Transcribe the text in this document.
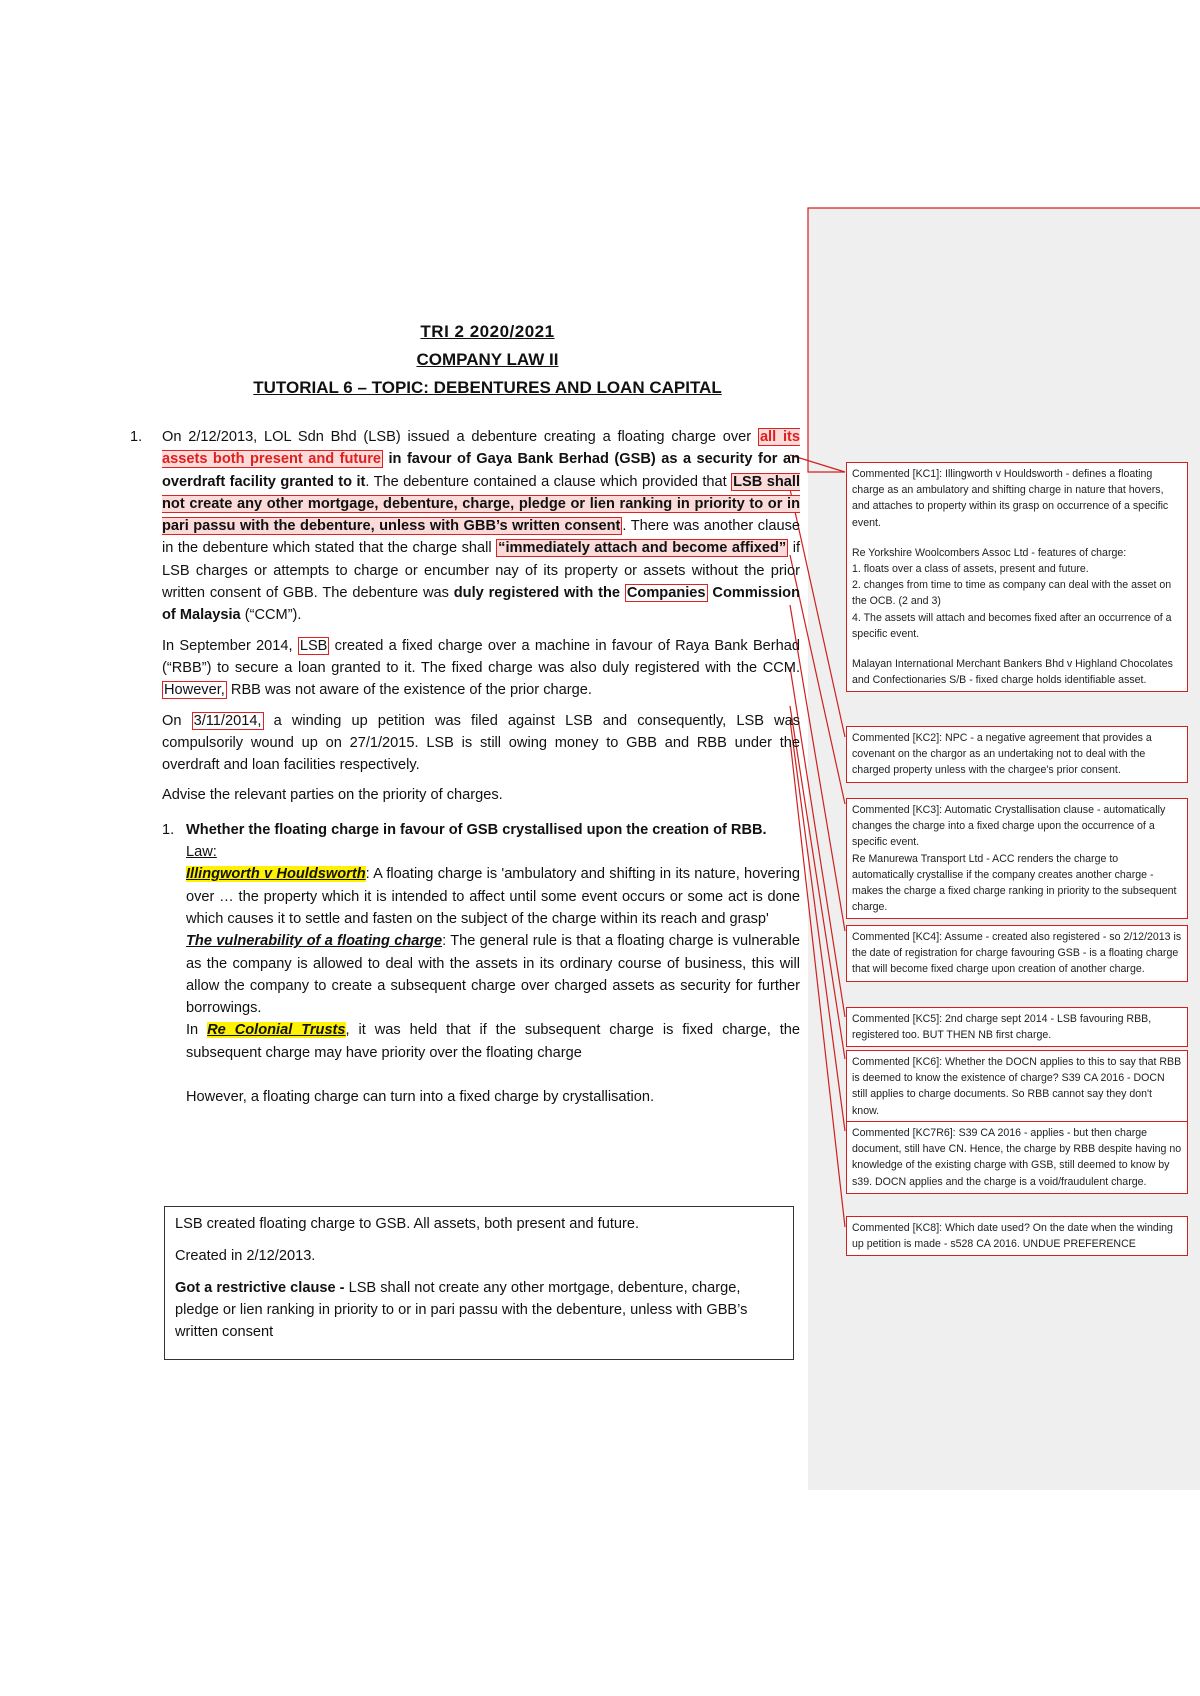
TRI 2 2020/2021
COMPANY LAW II
TUTORIAL 6 – TOPIC: DEBENTURES AND LOAN CAPITAL
1. On 2/12/2013, LOL Sdn Bhd (LSB) issued a debenture creating a floating charge over all its assets both present and future in favour of Gaya Bank Berhad (GSB) as a security for an overdraft facility granted to it. The debenture contained a clause which provided that LSB shall not create any other mortgage, debenture, charge, pledge or lien ranking in priority to or in pari passu with the debenture, unless with GBB’s written consent . There was another clause in the debenture which stated that the charge shall “immediately attach and become affixed” if LSB charges or attempts to charge or encumber nay of its property or assets without the prior written consent of GBB. The debenture was duly registered with the Companies Commission of Malaysia (“CCM”).
In September 2014, LSB created a fixed charge over a machine in favour of Raya Bank Berhad (“RBB”) to secure a loan granted to it. The fixed charge was also duly registered with the CCM. However, RBB was not aware of the existence of the prior charge.
On 3/11/2014, a winding up petition was filed against LSB and consequently, LSB was compulsorily wound up on 27/1/2015. LSB is still owing money to GBB and RBB under the overdraft and loan facilities respectively.
Advise the relevant parties on the priority of charges.
1. Whether the floating charge in favour of GSB crystallised upon the creation of RBB.
Law:
Illingworth v Houldsworth: A floating charge is 'ambulatory and shifting in its nature, hovering over … the property which it is intended to affect until some event occurs or some act is done which causes it to settle and fasten on the subject of the charge within its reach and grasp'
The vulnerability of a floating charge: The general rule is that a floating charge is vulnerable as the company is allowed to deal with the assets in its ordinary course of business, this will allow the company to create a subsequent charge over charged assets as security for further borrowings.
In Re Colonial Trusts, it was held that if the subsequent charge is fixed charge, the subsequent charge may have priority over the floating charge
However, a floating charge can turn into a fixed charge by crystallisation.

LSB created floating charge to GSB. All assets, both present and future.

Created in 2/12/2013.

Got a restrictive clause - LSB shall not create any other mortgage, debenture, charge, pledge or lien ranking in priority to or in pari passu with the debenture, unless with GBB’s written consent

Commented [KC1]: Illingworth v Houldsworth - defines a floating charge as an ambulatory and shifting charge in nature that hovers, and attaches to property within its grasp on occurrence of a specific event.

Re Yorkshire Woolcombers Assoc Ltd - features of charge:

1. floats over a class of assets, present and future.

2. changes from time to time as company can deal with the asset on the OCB. (2 and 3)

4. The assets will attach and becomes fixed after an occurrence of a specific event.

Malayan International Merchant Bankers Bhd v Highland Chocolates and Confectionaries S/B - fixed charge holds identifiable asset.

Commented [KC2]: NPC - a negative agreement that provides a covenant on the chargor as an undertaking not to deal with the charged property unless with the chargee's prior consent.

Commented [KC3]: Automatic Crystallisation clause - automatically changes the charge into a fixed charge upon the occurrence of a specific event.

Re Manurewa Transport Ltd - ACC renders the charge to automatically crystallise if the company creates another charge - makes the charge a fixed charge ranking in priority to the subsequent charge.

Commented [KC4]: Assume - created also registered - so 2/12/2013 is the date of registration for charge favouring GSB - is a floating charge that will become fixed charge upon creation of another charge.

Commented [KC5]: 2nd charge sept 2014 - LSB favouring RBB, registered too. BUT THEN NB first charge.

Commented [KC6]: Whether the DOCN applies to this to say that RBB is deemed to know the existence of charge? S39 CA 2016 - DOCN still applies to charge documents. So RBB cannot say they don't know.

Commented [KC7R6]: S39 CA 2016 - applies - but then charge document, still have CN. Hence, the charge by RBB despite having no knowledge of the existing charge with GSB, still deemed to know by s39. DOCN applies and the charge is a void/fraudulent charge.

Commented [KC8]: Which date used? On the date when the winding up petition is made - s528 CA 2016. UNDUE PREFERENCE
